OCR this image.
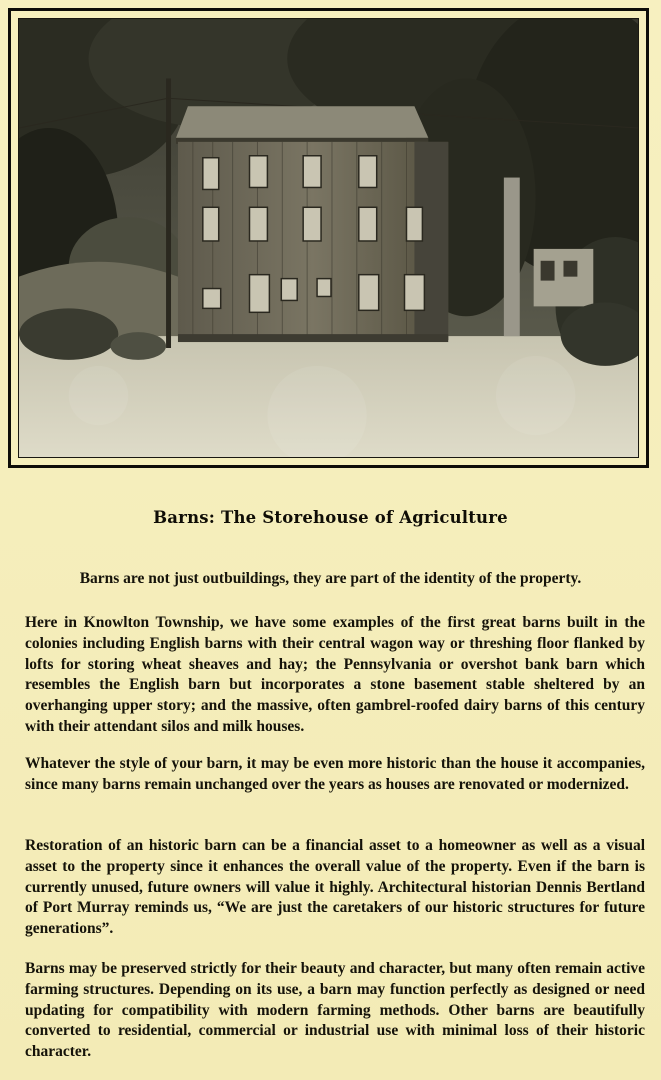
Barns: The Storehouse of Agriculture
Barns are not just outbuildings, they are part of the identity of the property.
Here in Knowlton Township, we have some examples of the first great barns built in the colonies including English barns with their central wagon way or threshing floor flanked by lofts for storing wheat sheaves and hay; the Pennsylvania or overshot bank barn which resembles the English barn but incorporates a stone basement stable sheltered by an overhanging upper story; and the massive, often gambrel-roofed dairy barns of this century with their attendant silos and milk houses.
Whatever the style of your barn, it may be even more historic than the house it accompanies, since many barns remain unchanged over the years as houses are renovated or modernized.
Restoration of an historic barn can be a financial asset to a homeowner as well as a visual asset to the property since it enhances the overall value of the property. Even if the barn is currently unused, future owners will value it highly. Architectural historian Dennis Bertland of Port Murray reminds us, “We are just the caretakers of our historic structures for future generations”.
Barns may be preserved strictly for their beauty and character, but many often remain active farming structures. Depending on its use, a barn may function perfectly as designed or need updating for compatibility with modern farming methods. Other barns are beautifully converted to residential, commercial or industrial use with minimal loss of their historic character.
